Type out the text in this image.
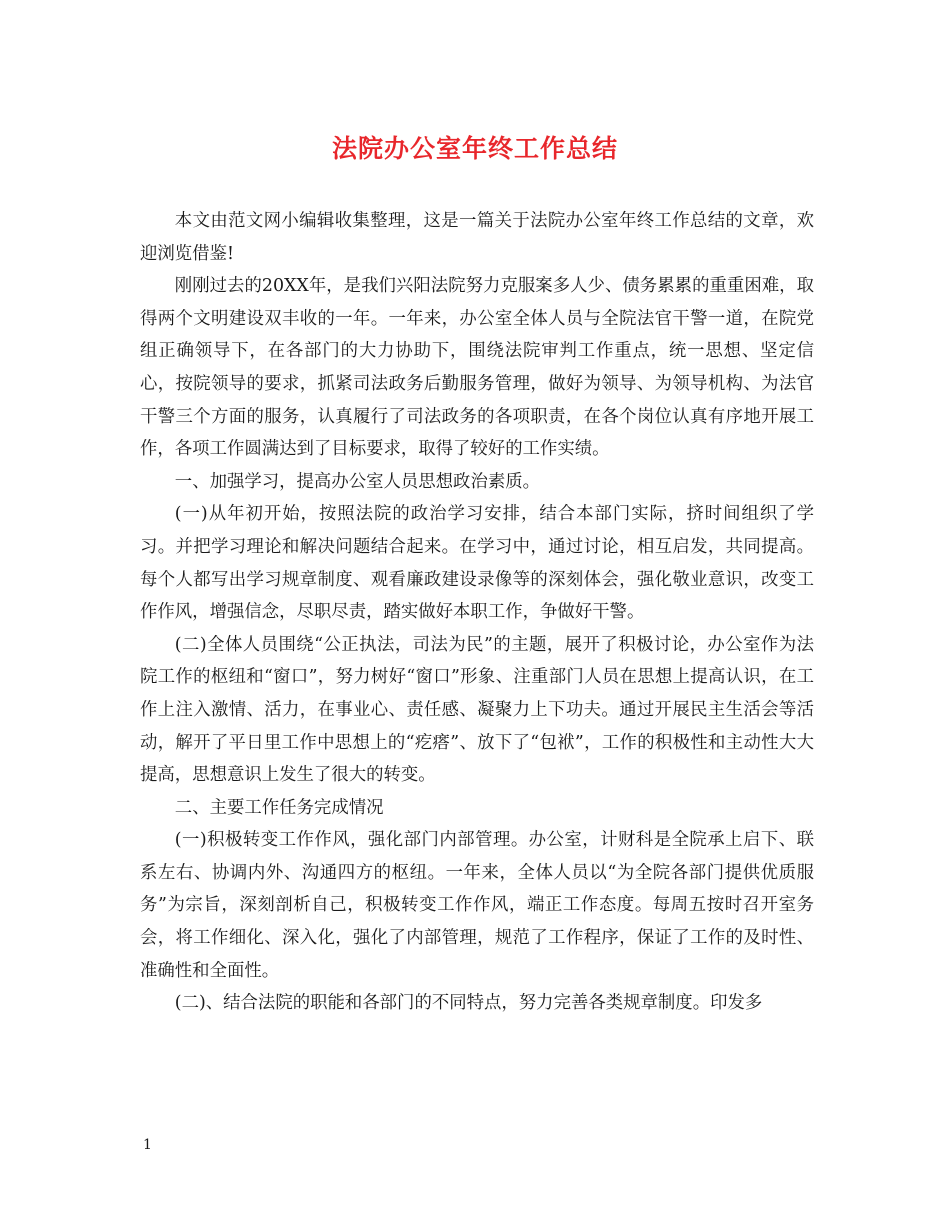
法院办公室年终工作总结

本文由范文网小编辑收集整理，这是一篇关于法院办公室年终工作总结的文章，欢迎浏览借鉴!

刚刚过去的20XX年，是我们兴阳法院努力克服案多人少、债务累累的重重困难，取得两个文明建设双丰收的一年。一年来，办公室全体人员与全院法官干警一道，在院党组正确领导下，在各部门的大力协助下，围绕法院审判工作重点，统一思想、坚定信心，按院领导的要求，抓紧司法政务后勤服务管理，做好为领导、为领导机构、为法官干警三个方面的服务，认真履行了司法政务的各项职责，在各个岗位认真有序地开展工作，各项工作圆满达到了目标要求，取得了较好的工作实绩。

一、加强学习，提高办公室人员思想政治素质。

(一)从年初开始，按照法院的政治学习安排，结合本部门实际，挤时间组织了学习。并把学习理论和解决问题结合起来。在学习中，通过讨论，相互启发，共同提高。每个人都写出学习规章制度、观看廉政建设录像等的深刻体会，强化敬业意识，改变工作作风，增强信念，尽职尽责，踏实做好本职工作，争做好干警。

(二)全体人员围绕“公正执法，司法为民”的主题，展开了积极讨论，办公室作为法院工作的枢纽和“窗口”，努力树好“窗口”形象、注重部门人员在思想上提高认识，在工作上注入激情、活力，在事业心、责任感、凝聚力上下功夫。通过开展民主生活会等活动，解开了平日里工作中思想上的“疙瘩”、放下了“包袱”，工作的积极性和主动性大大提高，思想意识上发生了很大的转变。

二、主要工作任务完成情况

(一)积极转变工作作风，强化部门内部管理。办公室，计财科是全院承上启下、联系左右、协调内外、沟通四方的枢纽。一年来，全体人员以“为全院各部门提供优质服务”为宗旨，深刻剖析自己，积极转变工作作风，端正工作态度。每周五按时召开室务会，将工作细化、深入化，强化了内部管理，规范了工作程序，保证了工作的及时性、准确性和全面性。

(二)、结合法院的职能和各部门的不同特点，努力完善各类规章制度。印发多

1
